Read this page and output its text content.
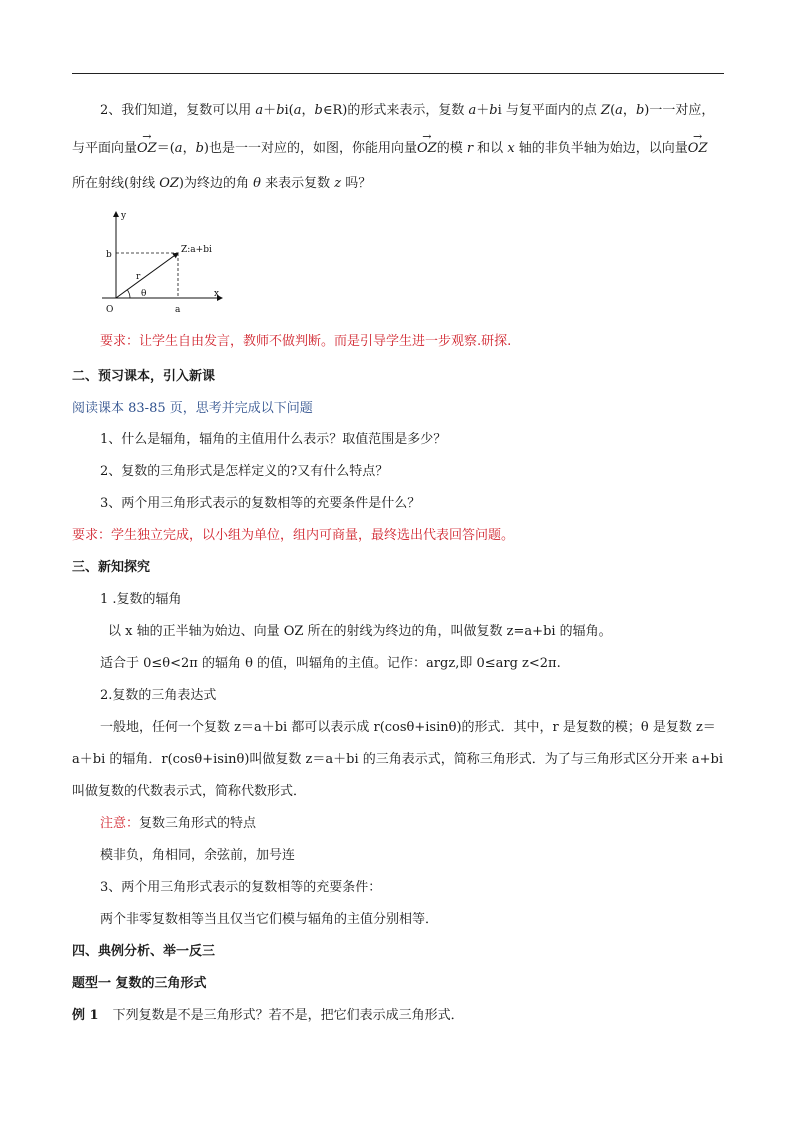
2、我们知道，复数可以用 a＋bi(a，b∈R)的形式来表示，复数 a＋bi 与复平面内的点 Z(a，b)一一对应，
与平面向量→ OZ＝(a，b)也是一一对应的，如图，你能用向量→ OZ的模 r 和以 x 轴的非负半轴为始边，以向量→ OZ
所在射线(射线 OZ)为终边的角 θ 来表示复数 z 吗？
y
x
O
b
a
r
θ
Z:a+bi
要求：让学生自由发言，教师不做判断。而是引导学生进一步观察.研探.
二、预习课本，引入新课
阅读课本 83-85 页，思考并完成以下问题
1、什么是辐角，辐角的主值用什么表示？取值范围是多少？
2、复数的三角形式是怎样定义的?又有什么特点？
3、两个用三角形式表示的复数相等的充要条件是什么？
要求：学生独立完成，以小组为单位，组内可商量，最终选出代表回答问题。
三、新知探究
1 .复数的辐角
以 x 轴的正半轴为始边、向量 OZ 所在的射线为终边的角，叫做复数 z=a+bi 的辐角。
适合于 0≤θ<2π 的辐角 θ 的值，叫辐角的主值。记作：argz,即 0≤arg z<2π.
2.复数的三角表达式
一般地，任何一个复数 z＝a＋bi 都可以表示成 r(cosθ+isinθ)的形式．其中，r 是复数的模；θ 是复数 z＝
a＋bi 的辐角．r(cosθ+isinθ)叫做复数 z＝a＋bi 的三角表示式，简称三角形式．为了与三角形式区分开来 a+bi
叫做复数的代数表示式，简称代数形式．
注意：复数三角形式的特点
模非负，角相同，余弦前，加号连
3、两个用三角形式表示的复数相等的充要条件：
两个非零复数相等当且仅当它们模与辐角的主值分别相等．
四、典例分析、举一反三
题型一 复数的三角形式
例 1 下列复数是不是三角形式？若不是，把它们表示成三角形式．
